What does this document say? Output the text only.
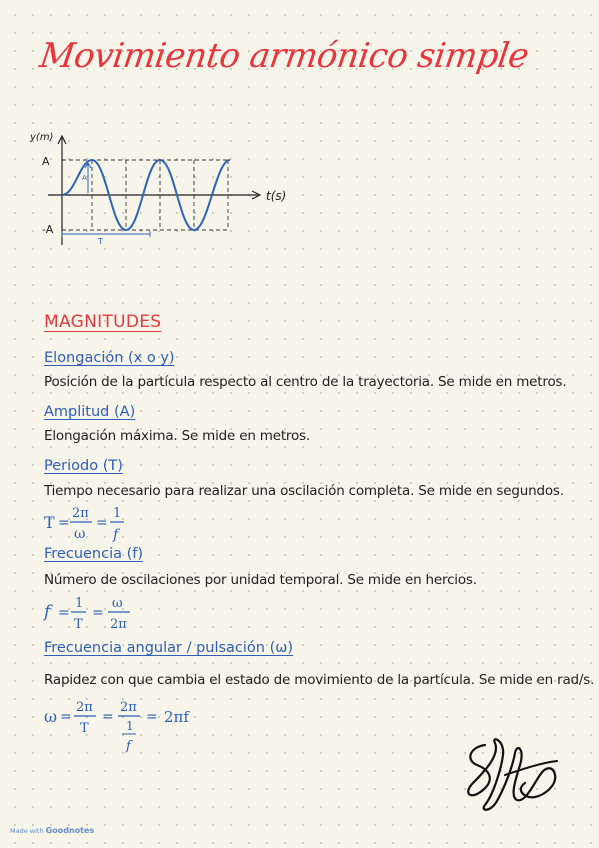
Movimiento armónico simple
y(m)
t(s)
A
-A
A
T
MAGNITUDES
Elongación (x o y)
Posición de la partícula respecto al centro de la trayectoria. Se mide en metros.
Amplitud (A)
Elongación máxima. Se mide en metros.
Periodo (T)
Tiempo necesario para realizar una oscilación completa. Se mide en segundos.
T =
2π
ω
=
1
f
Frecuencia (f)
Número de oscilaciones por unidad temporal. Se mide en hercios.
f =
1
T
=
ω
2π
Frecuencia angular / pulsación (ω)
Rapidez con que cambia el estado de movimiento de la partícula. Se mide en rad/s.
ω =
2π
T
=
2π
1
f
= 2πf
Made with Goodnotes
